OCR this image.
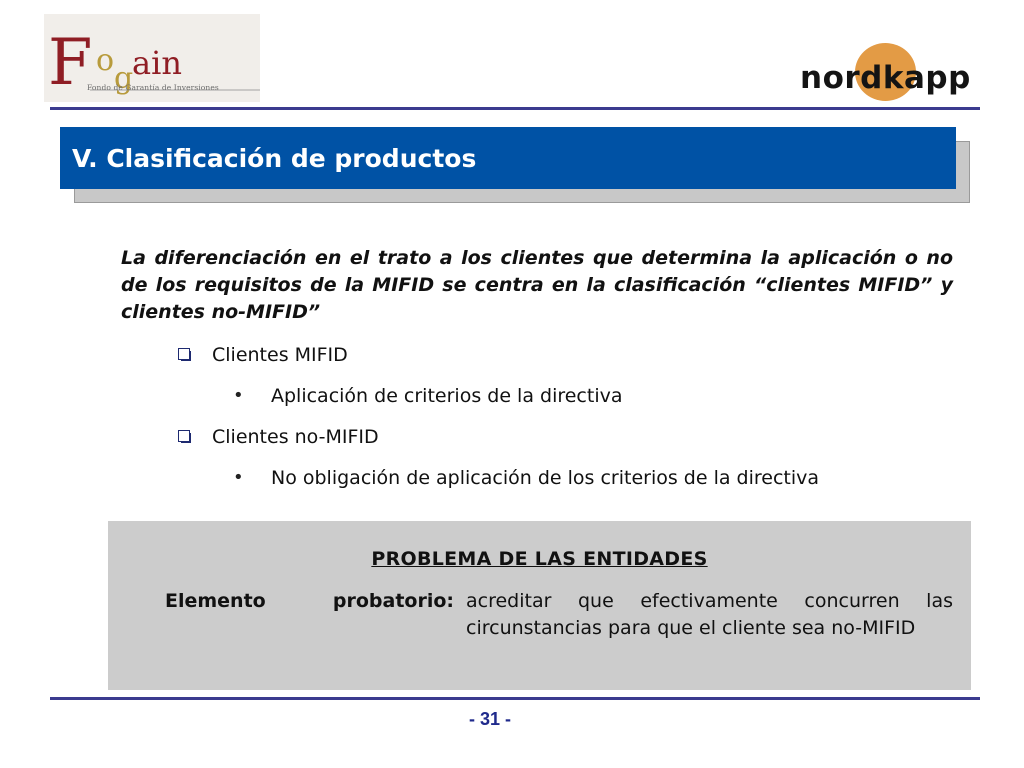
F o
g
ain
Fondo de Garantía de Inversiones	nordkapp
V. Clasificación de productos
La diferenciación en el trato a los clientes que determina la aplicación o no de los requisitos de la MIFID se centra en la clasificación “clientes MIFID” y clientes no-MIFID”
Clientes MIFID
• Aplicación de criterios de la directiva
Clientes no-MIFID
• No obligación de aplicación de los criterios de la directiva
PROBLEMA DE LAS ENTIDADES
Elemento probatorio: acreditar que efectivamente concurren las circunstancias para que el cliente sea no-MIFID
- 31 -
